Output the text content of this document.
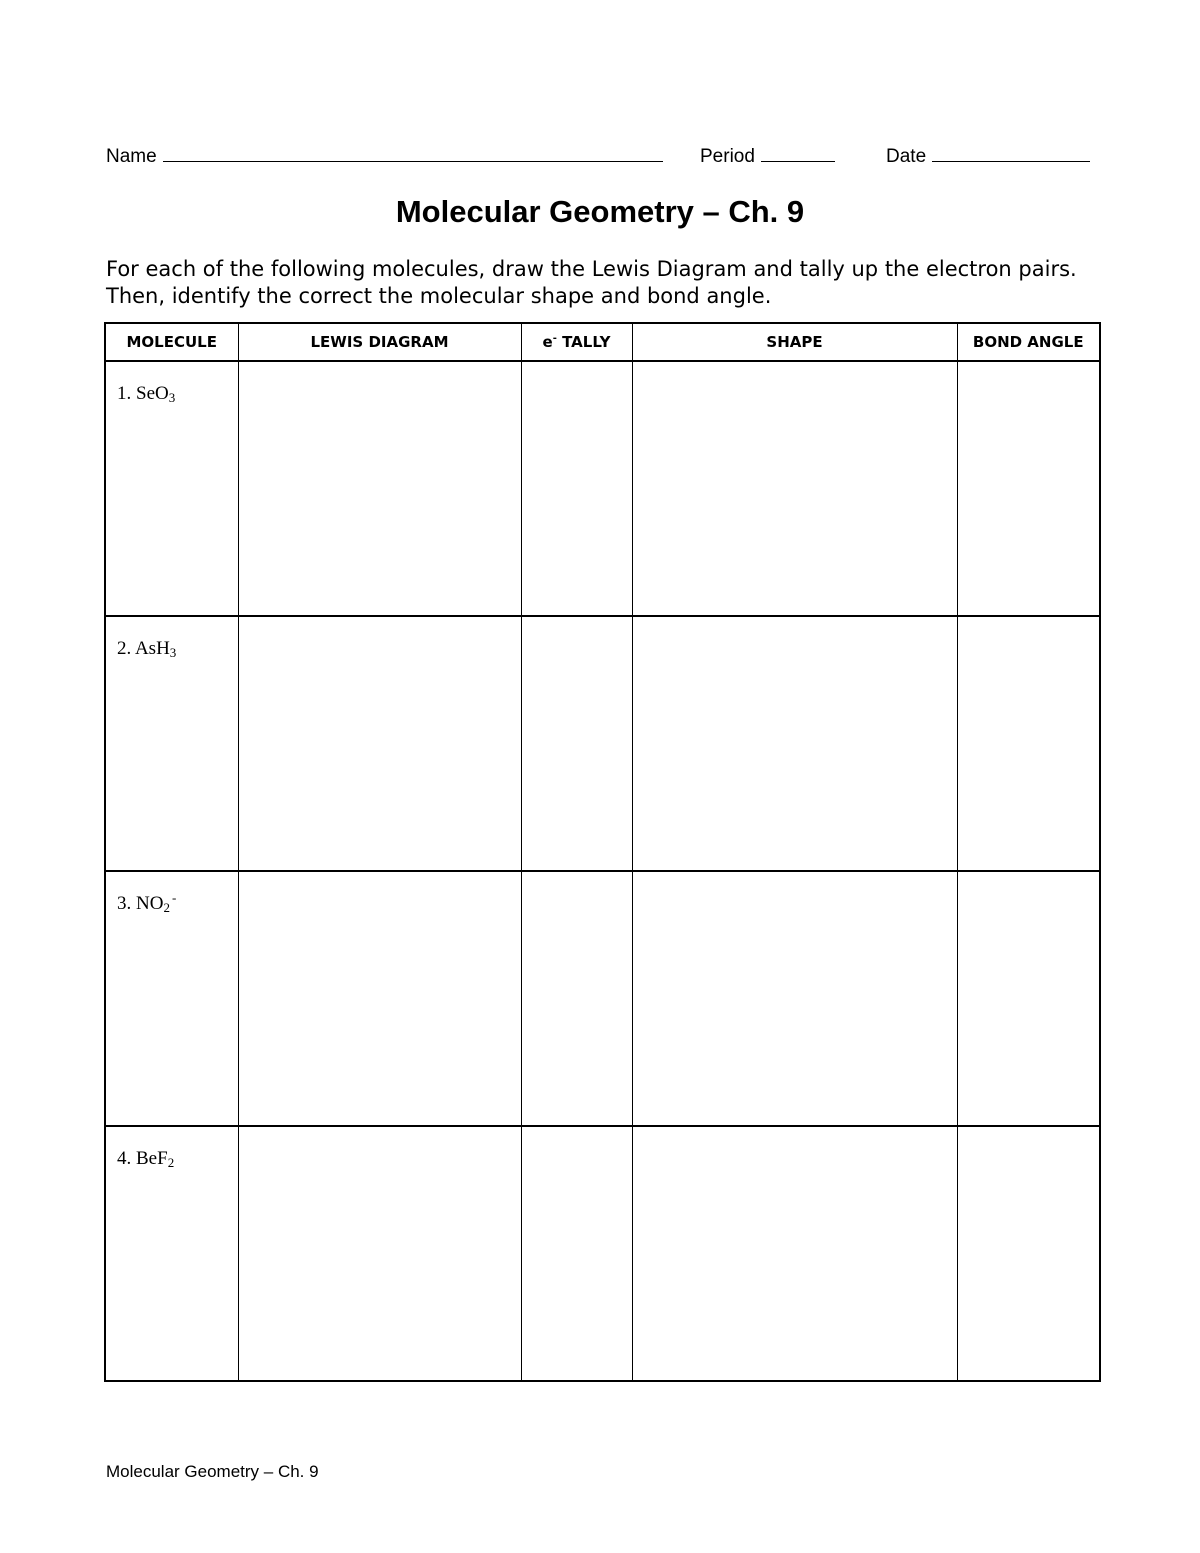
Name	Period	Date
Molecular Geometry – Ch. 9
For each of the following molecules, draw the Lewis Diagram and tally up the electron pairs. Then, identify the correct the molecular shape and bond angle.
MOLECULE	LEWIS DIAGRAM	e- TALLY	SHAPE	BOND ANGLE

1. SeO$_3$

2. AsH$_3$

3. $NO_2^-$

4. BeF$_2$

Molecular Geometry – Ch. 9
